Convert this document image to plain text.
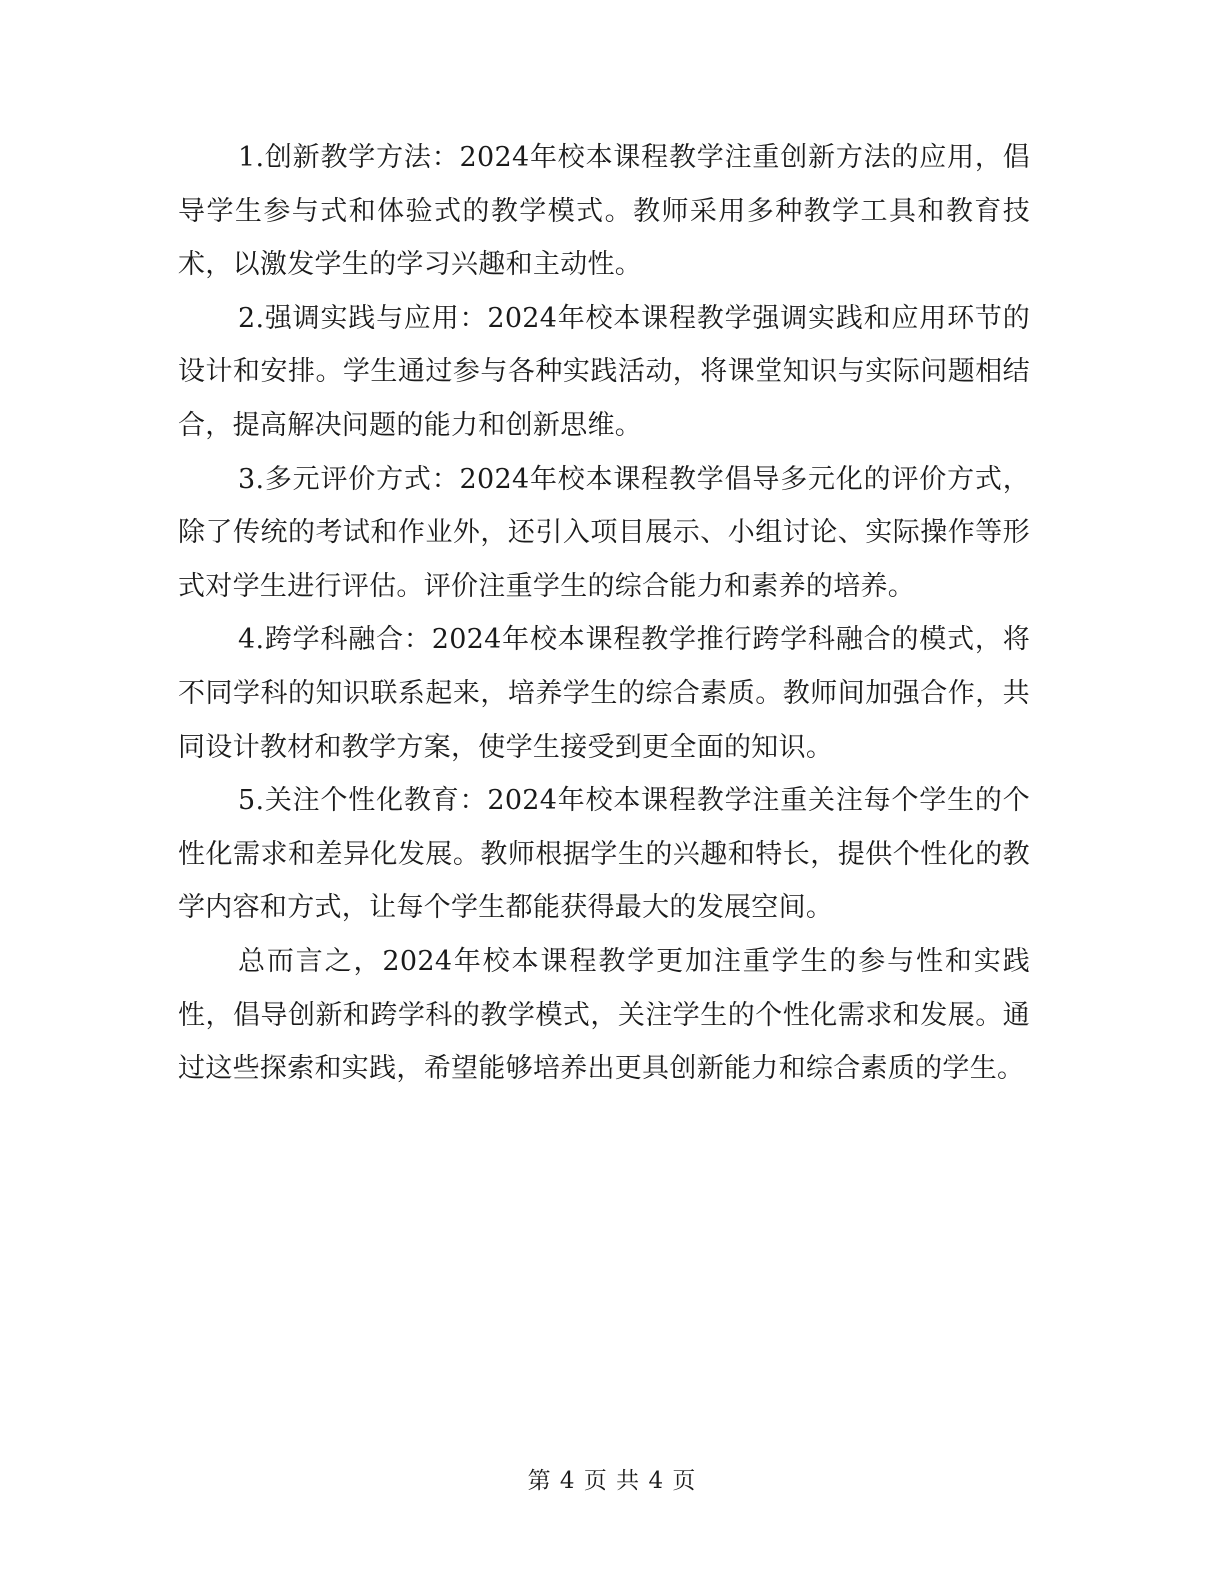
1.创新教学方法：2024年校本课程教学注重创新方法的应用，倡导学生参与式和体验式的教学模式。教师采用多种教学工具和教育技术，以激发学生的学习兴趣和主动性。

2.强调实践与应用：2024年校本课程教学强调实践和应用环节的设计和安排。学生通过参与各种实践活动，将课堂知识与实际问题相结合，提高解决问题的能力和创新思维。

3.多元评价方式：2024年校本课程教学倡导多元化的评价方式，除了传统的考试和作业外，还引入项目展示、小组讨论、实际操作等形式对学生进行评估。评价注重学生的综合能力和素养的培养。

4.跨学科融合：2024年校本课程教学推行跨学科融合的模式，将不同学科的知识联系起来，培养学生的综合素质。教师间加强合作，共同设计教材和教学方案，使学生接受到更全面的知识。

5.关注个性化教育：2024年校本课程教学注重关注每个学生的个性化需求和差异化发展。教师根据学生的兴趣和特长，提供个性化的教学内容和方式，让每个学生都能获得最大的发展空间。

总而言之，2024年校本课程教学更加注重学生的参与性和实践性，倡导创新和跨学科的教学模式，关注学生的个性化需求和发展。通过这些探索和实践，希望能够培养出更具创新能力和综合素质的学生。

第 4 页 共 4 页
